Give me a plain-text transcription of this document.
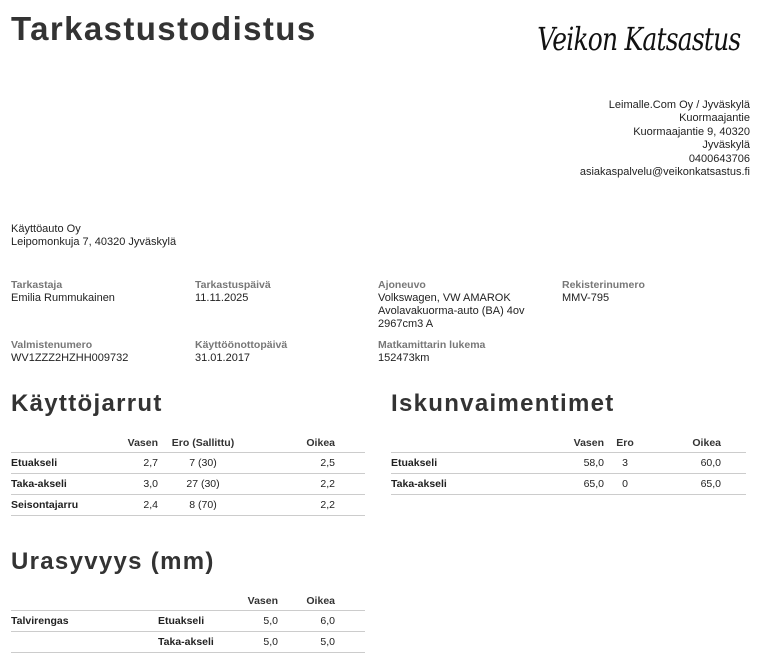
Tarkastustodistus	Veikon Katsastus
Leimalle.Com Oy / Jyväskylä
Kuormaajantie
Kuormaajantie 9, 40320
Jyväskylä
0400643706
asiakaspalvelu@veikonkatsastus.fi
Käyttöauto Oy
Leipomonkuja 7, 40320 Jyväskylä
Tarkastaja
Emilia Rummukainen
Tarkastuspäivä
11.11.2025
Ajoneuvo
Volkswagen, VW AMAROK
Avolavakuorma-auto (BA) 4ov
2967cm3 A
Rekisterinumero
MMV-795
Valmistenumero
WV1ZZZ2HZHH009732
Käyttöönottopäivä
31.01.2017
Matkamittarin lukema
152473km
Käyttöjarrut
	Vasen	Ero (Sallittu)	Oikea	
Etuakseli	2,7	7 (30)	2,5	
Taka-akseli	3,0	27 (30)	2,2	
Seisontajarru	2,4	8 (70)	2,2	
Iskunvaimentimet
	Vasen	Ero	Oikea	
Etuakseli	58,0	3	60,0	
Taka-akseli	65,0	0	65,0	
Urasyvyys (mm)
		Vasen	Oikea	
Talvirengas	Etuakseli	5,0	6,0	
	Taka-akseli	5,0	5,0	
